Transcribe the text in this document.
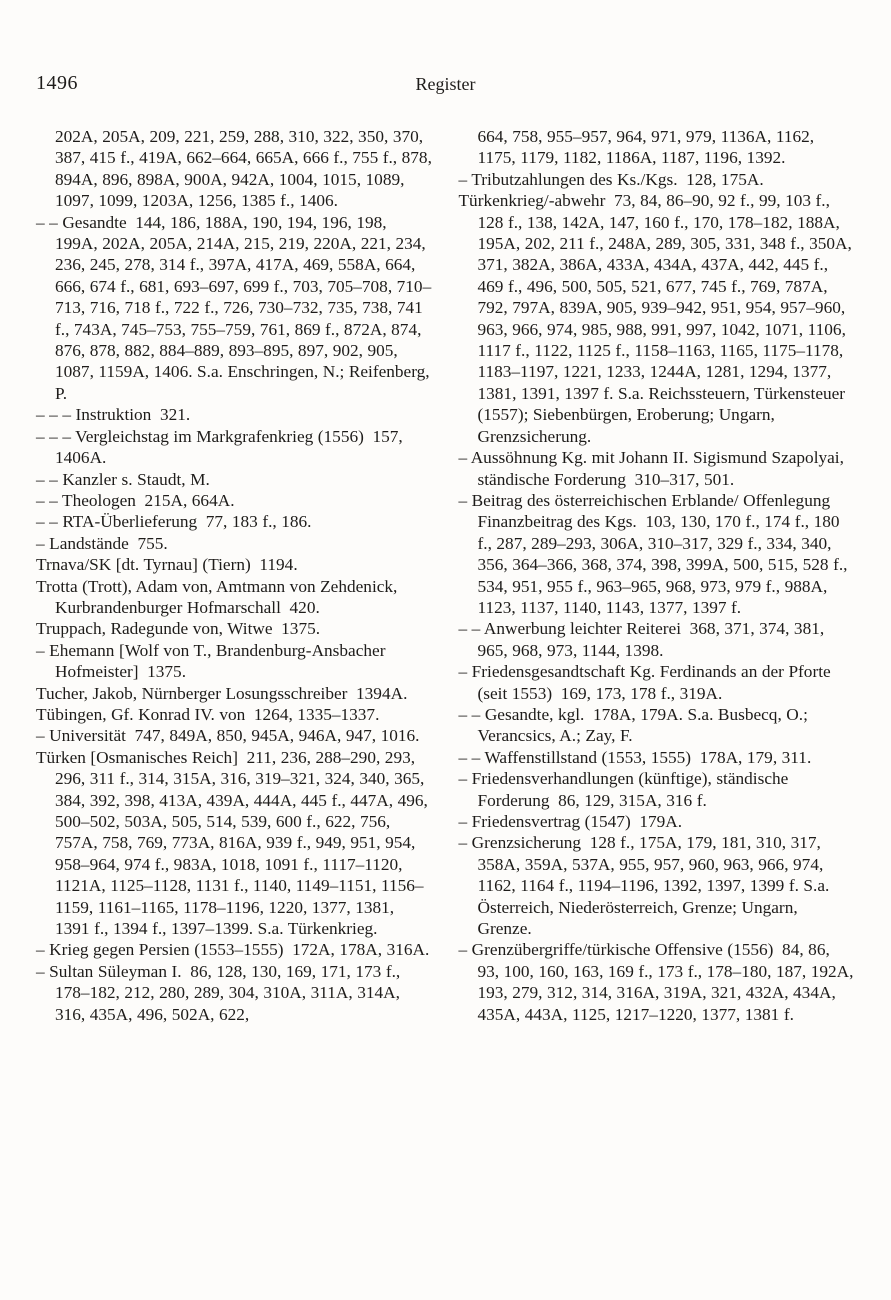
1496	Register

202A, 205A, 209, 221, 259, 288, 310, 322, 350, 370, 387, 415 f., 419A, 662–664, 665A, 666 f., 755 f., 878, 894A, 896, 898A, 900A, 942A, 1004, 1015, 1089, 1097, 1099, 1203A, 1256, 1385 f., 1406.

– – Gesandte 144, 186, 188A, 190, 194, 196, 198, 199A, 202A, 205A, 214A, 215, 219, 220A, 221, 234, 236, 245, 278, 314 f., 397A, 417A, 469, 558A, 664, 666, 674 f., 681, 693–697, 699 f., 703, 705–708, 710–713, 716, 718 f., 722 f., 726, 730–732, 735, 738, 741 f., 743A, 745–753, 755–759, 761, 869 f., 872A, 874, 876, 878, 882, 884–889, 893–895, 897, 902, 905, 1087, 1159A, 1406. S.a. Enschringen, N.; Reifenberg, P.

– – – Instruktion 321.

– – – Vergleichstag im Markgrafenkrieg (1556) 157, 1406A.

– – Kanzler s. Staudt, M.

– – Theologen 215A, 664A.

– – RTA-Überlieferung 77, 183 f., 186.

– Landstände 755.

Trnava/SK [dt. Tyrnau] (Tiern) 1194.

Trotta (Trott), Adam von, Amtmann von Zehdenick, Kurbrandenburger Hofmarschall 420.

Truppach, Radegunde von, Witwe 1375.

– Ehemann [Wolf von T., Brandenburg-Ansbacher Hofmeister] 1375.

Tucher, Jakob, Nürnberger Losungsschreiber 1394A.

Tübingen, Gf. Konrad IV. von 1264, 1335–1337.

– Universität 747, 849A, 850, 945A, 946A, 947, 1016.

Türken [Osmanisches Reich] 211, 236, 288–290, 293, 296, 311 f., 314, 315A, 316, 319–321, 324, 340, 365, 384, 392, 398, 413A, 439A, 444A, 445 f., 447A, 496, 500–502, 503A, 505, 514, 539, 600 f., 622, 756, 757A, 758, 769, 773A, 816A, 939 f., 949, 951, 954, 958–964, 974 f., 983A, 1018, 1091 f., 1117–1120, 1121A, 1125–1128, 1131 f., 1140, 1149–1151, 1156–1159, 1161–1165, 1178–1196, 1220, 1377, 1381, 1391 f., 1394 f., 1397–1399. S.a. Türkenkrieg.

– Krieg gegen Persien (1553–1555) 172A, 178A, 316A.

– Sultan Süleyman I. 86, 128, 130, 169, 171, 173 f., 178–182, 212, 280, 289, 304, 310A, 311A, 314A, 316, 435A, 496, 502A, 622,

664, 758, 955–957, 964, 971, 979, 1136A, 1162, 1175, 1179, 1182, 1186A, 1187, 1196, 1392.

– Tributzahlungen des Ks./Kgs. 128, 175A.

Türkenkrieg/-abwehr 73, 84, 86–90, 92 f., 99, 103 f., 128 f., 138, 142A, 147, 160 f., 170, 178–182, 188A, 195A, 202, 211 f., 248A, 289, 305, 331, 348 f., 350A, 371, 382A, 386A, 433A, 434A, 437A, 442, 445 f., 469 f., 496, 500, 505, 521, 677, 745 f., 769, 787A, 792, 797A, 839A, 905, 939–942, 951, 954, 957–960, 963, 966, 974, 985, 988, 991, 997, 1042, 1071, 1106, 1117 f., 1122, 1125 f., 1158–1163, 1165, 1175–1178, 1183–1197, 1221, 1233, 1244A, 1281, 1294, 1377, 1381, 1391, 1397 f. S.a. Reichssteuern, Türkensteuer (1557); Siebenbürgen, Eroberung; Ungarn, Grenzsicherung.

– Aussöhnung Kg. mit Johann II. Sigismund Szapolyai, ständische Forderung 310–317, 501.

– Beitrag des österreichischen Erblande/ Offenlegung Finanzbeitrag des Kgs. 103, 130, 170 f., 174 f., 180 f., 287, 289–293, 306A, 310–317, 329 f., 334, 340, 356, 364–366, 368, 374, 398, 399A, 500, 515, 528 f., 534, 951, 955 f., 963–965, 968, 973, 979 f., 988A, 1123, 1137, 1140, 1143, 1377, 1397 f.

– – Anwerbung leichter Reiterei 368, 371, 374, 381, 965, 968, 973, 1144, 1398.

– Friedensgesandtschaft Kg. Ferdinands an der Pforte (seit 1553) 169, 173, 178 f., 319A.

– – Gesandte, kgl. 178A, 179A. S.a. Busbecq, O.; Verancsics, A.; Zay, F.

– – Waffenstillstand (1553, 1555) 178A, 179, 311.

– Friedensverhandlungen (künftige), ständische Forderung 86, 129, 315A, 316 f.

– Friedensvertrag (1547) 179A.

– Grenzsicherung 128 f., 175A, 179, 181, 310, 317, 358A, 359A, 537A, 955, 957, 960, 963, 966, 974, 1162, 1164 f., 1194–1196, 1392, 1397, 1399 f. S.a. Österreich, Niederösterreich, Grenze; Ungarn, Grenze.

– Grenzübergriffe/türkische Offensive (1556) 84, 86, 93, 100, 160, 163, 169 f., 173 f., 178–180, 187, 192A, 193, 279, 312, 314, 316A, 319A, 321, 432A, 434A, 435A, 443A, 1125, 1217–1220, 1377, 1381 f.
